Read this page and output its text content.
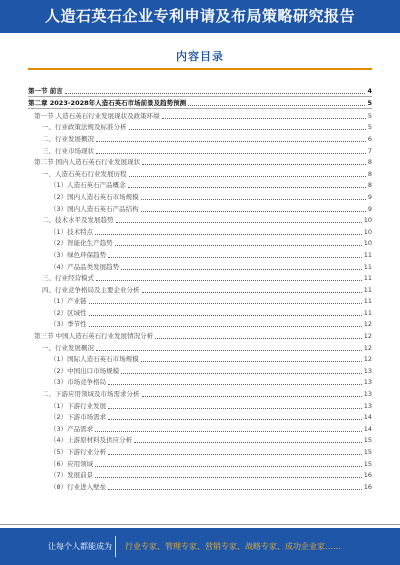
人造石英石企业专利申请及布局策略研究报告
内容目录
第一节 前言	4
第二章 2023-2028年人造石英石市场前景及趋势预测	5
第一节 人造石英石行业发展现状及政策环境	5
一、行业政策法规及标准分析	5
二、行业发展概况	6
三、行业市场现状	7
第二节 国内人造石英石行业发展现状	8
一、人造石英石行业发展历程	8
（1）人造石英石产品概念	8
（2）国内人造石英石市场规模	9
（3）国内人造石英石产品结构	9
二、技术水平及发展趋势	10
（1）技术特点	10
（2）智能化生产趋势	10
（3）绿色环保趋势	11
（4）产品品类发展趋势	11
三、行业经营模式	11
四、行业竞争格局及主要企业分析	11
（1）产业链	11
（2）区域性	11
（3）季节性	12
第三节 中国人造石英石行业发展情况分析	12
一、行业发展概况	12
（1）国际人造石英石市场规模	12
（2）中国出口市场规模	13
（3）市场竞争格局	13
二、下游应用领域及市场需求分析	13
（1）下游行业发展	13
（2）下游市场需求	14
（3）产品需求	14
（4）上游原材料及供应分析	15
（5）下游行业分析	15
（6）应用领域	15
（7）发展前景	16
（8）行业进入壁垒	16
让每个人都能成为 行业专家、管理专家、营销专家、战略专家、成功企业家……
